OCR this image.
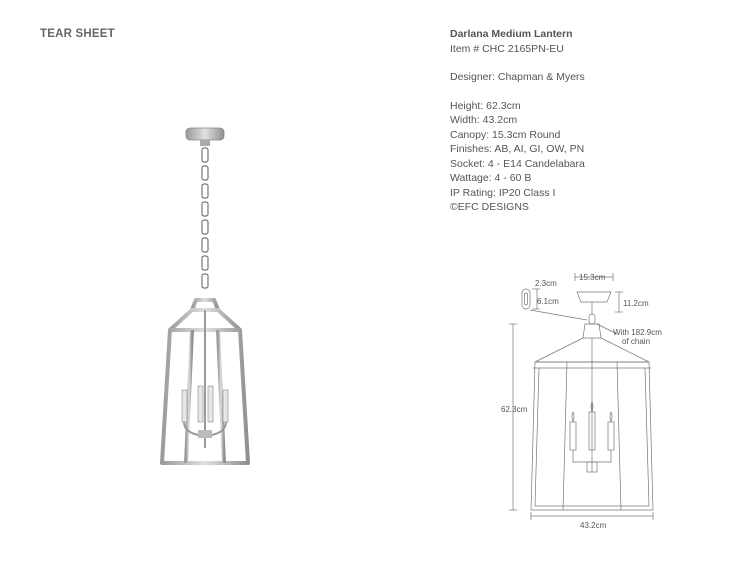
TEAR SHEET	Darlana Medium Lantern
Item # CHC 2165PN-EU
Designer: Chapman & Myers
Height: 62.3cm
Width: 43.2cm
Canopy: 15.3cm Round
Finishes: AB, AI, GI, OW, PN
Socket: 4 - E14 Candelabara
Wattage: 4 - 60 B
IP Rating: IP20 Class I
©EFC DESIGNS
15.3cm
2.3cm
6.1cm	11.2cm
With 182.9cm
of chain
62.3cm
43.2cm
